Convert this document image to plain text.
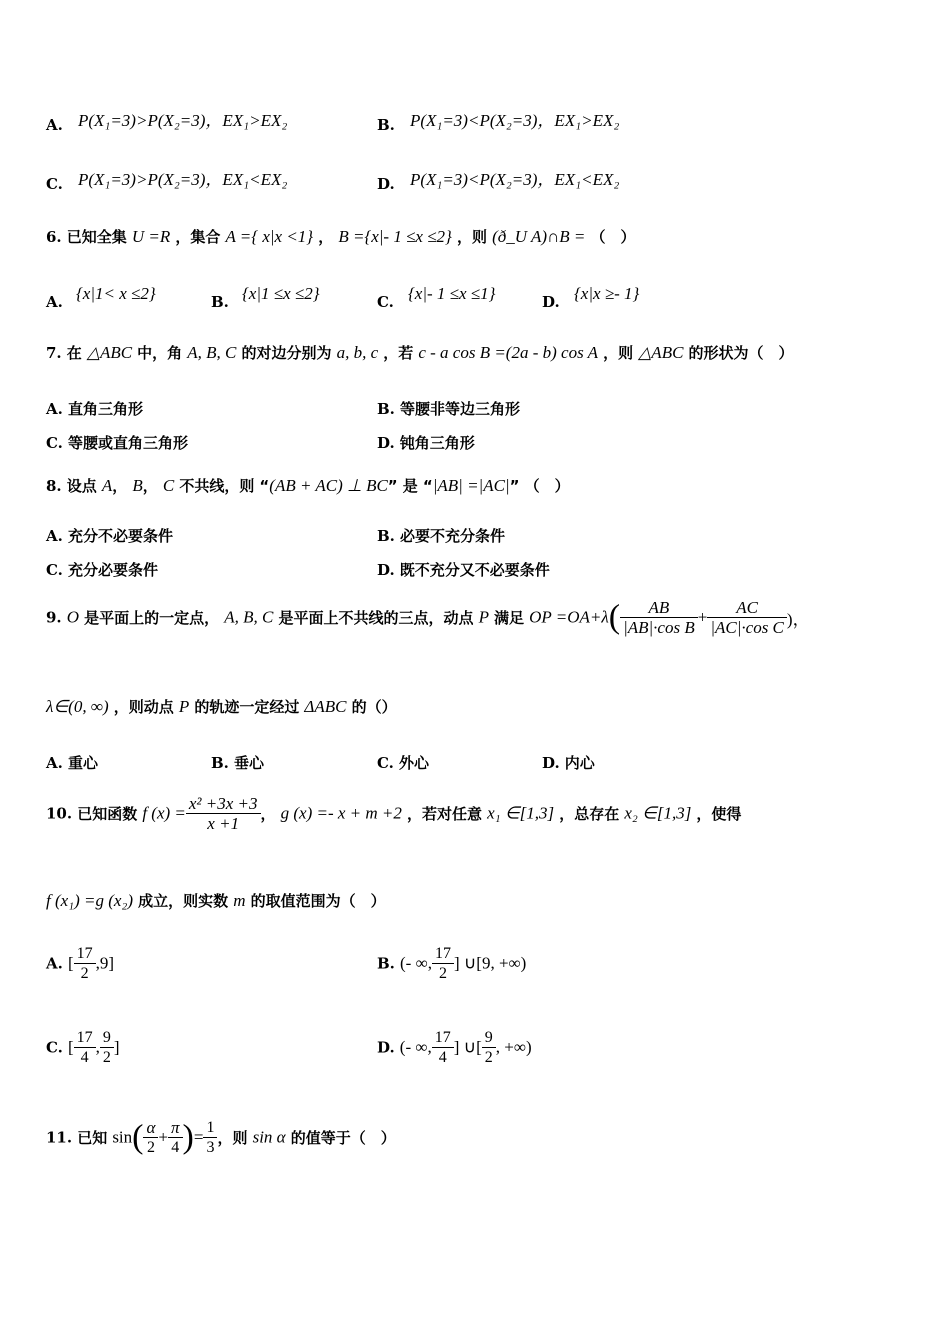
A. P(X₁=3)>P(X₂=3)，EX₁>EX₂	B. P(X₁=3)<P(X₂=3)，EX₁>EX₂
C. P(X₁=3)>P(X₂=3)，EX₁<EX₂	D. P(X₁=3)<P(X₂=3)，EX₁<EX₂
6. 已知全集 U =R ，集合 A ={ x|x <1} ， B ={x|- 1 ≤x ≤2} ，则 (ð_U A)∩B = （　）
A. {x|1< x ≤2}	B. {x|1 ≤x ≤2}	C. {x|- 1 ≤x ≤1}	D. {x|x ≥- 1}
7. 在 △ABC 中，角 A, B, C 的对边分别为 a, b, c ，若 c - a cos B =(2a - b) cos A ，则 △ABC 的形状为（　）
A. 直角三角形	B. 等腰非等边三角形
C. 等腰或直角三角形	D. 钝角三角形
8. 设点 A， B， C 不共线，则 “(AB + AC) ⊥ BC” 是 “|AB| =|AC|” （　）
A. 充分不必要条件	B. 必要不充分条件
C. 充分必要条件	D. 既不充分又不必要条件
9. O 是平面上的一定点， A, B, C 是平面上不共线的三点，动点 P 满足 OP $=OA+\lambda( \frac{AB}{\text{|AB|·cos B}} + \frac{AC}{\text{|AC|·cos C}}$ )，
λ∈(0, ∞) ，则动点 P 的轨迹一定经过 ΔABC 的（）
A. 重心	B. 垂心	C. 外心	D. 内心
10. 已知函数 f $(x) = \frac{\text{x² +3x +3}}{x +1}$ ， g (x) =- x + m +2 ，若对任意 x₁ ∈[1,3] ，总存在 x₂ ∈[1,3] ，使得
f (x₁) =g (x₂) 成立，则实数 m 的取值范围为（　）
A. [ $\frac{17}{2} ,9$]	B. (- ∞, $\frac{17}{2}$ ] ∪[9, +∞)
C. [ $\frac{17}{4}$ , $\frac{9}{2}$ ]	D. (- ∞, $\frac{17}{4}$ ] ∪[ $\frac{9}{2}$ , +∞)
11. 已知 $\sin( \frac{\alpha}{2} + \frac{\pi}{4}$ )= $\frac{1}{3}$ ，则 sin α 的值等于（　）
